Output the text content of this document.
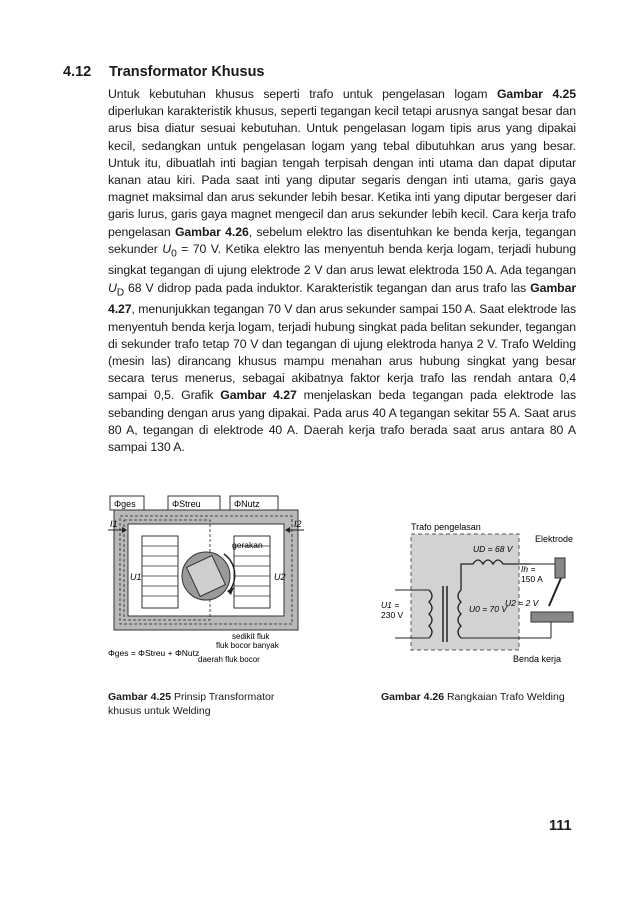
4.12 Transformator Khusus
Untuk kebutuhan khusus seperti trafo untuk pengelasan logam Gambar 4.25 diperlukan karakteristik khusus, seperti tegangan kecil tetapi arusnya sangat besar dan arus bisa diatur sesuai kebutuhan. Untuk pengelasan logam tipis arus yang dipakai kecil, sedangkan untuk pengelasan logam yang tebal dibutuhkan arus yang besar. Untuk itu, dibuatlah inti bagian tengah terpisah dengan inti utama dan dapat diputar kanan atau kiri. Pada saat inti yang diputar segaris dengan inti utama, garis gaya magnet maksimal dan arus sekunder lebih besar. Ketika inti yang diputar bergeser dari garis lurus, garis gaya magnet mengecil dan arus sekunder lebih kecil. Cara kerja trafo pengelasan Gambar 4.26, sebelum elektro las disentuhkan ke benda kerja, tegangan sekunder $U_0 = 70$ V. Ketika elektro las menyentuh benda kerja logam, terjadi hubung singkat tegangan di ujung elektrode 2 V dan arus lewat elektroda 150 A. Ada tegangan $U_D$ 68 V didrop pada pada induktor. Karakteristik tegangan dan arus trafo las Gambar 4.27, menunjukkan tegangan 70 V dan arus sekunder sampai 150 A. Saat elektrode las menyentuh benda kerja logam, terjadi hubung singkat pada belitan sekunder, tegangan di sekunder trafo tetap 70 V dan tegangan di ujung elektroda hanya 2 V. Trafo Welding (mesin las) dirancang khusus mampu menahan arus hubung singkat yang besar secara terus menerus, sebagai akibatnya faktor kerja trafo las rendah antara 0,4 sampai 0,5. Grafik Gambar 4.27 menjelaskan beda tegangan pada elektrode las sebanding dengan arus yang dipakai. Pada arus 40 A tegangan sekitar 55 A. Saat arus 80 A, tegangan di elektrode 40 A. Daerah kerja trafo berada saat arus antara 80 A sampai 130 A.
Φges	ΦStreu	ΦNutz
I1	I2
U1	U2
gerakan
sedikit fluk
fluk bocor banyak
daerah fluk bocor
Φges = ΦStreu + ΦNutz
Trafo pengelasan
UD = 68 V
U1 =
230 V
U0 = 70 V
Ih =
150 A
U2 = 2 V
Elektrode
Benda kerja
Gambar 4.25 Prinsip Transformator khusus untuk Welding
Gambar 4.26 Rangkaian Trafo Welding
111
